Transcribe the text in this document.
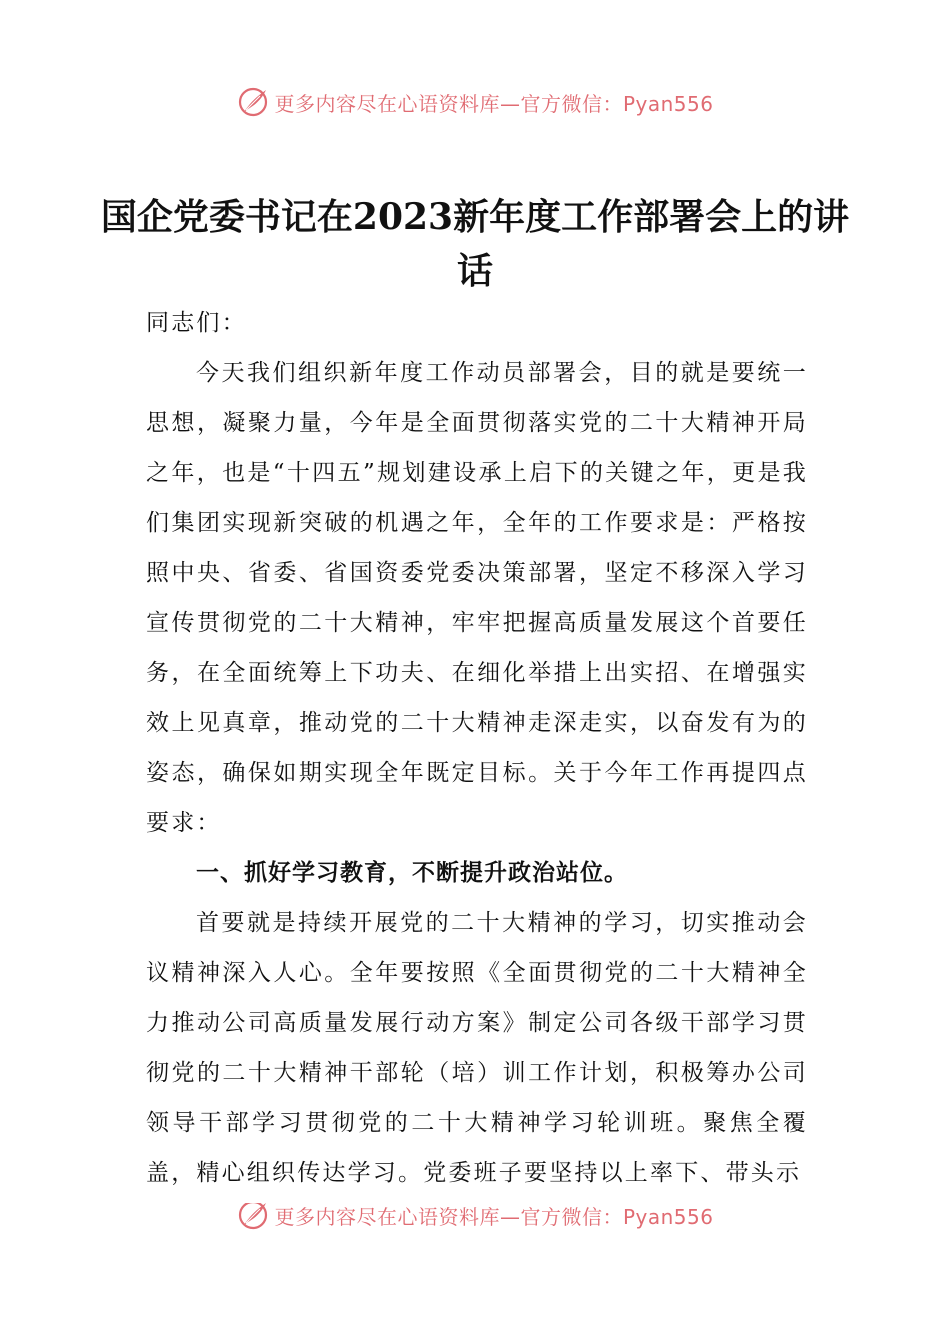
更多内容尽在心语资料库—官方微信：Pyan556
国企党委书记在2023新年度工作部署会上的讲话

同志们：

今天我们组织新年度工作动员部署会，目的就是要统一思想，凝聚力量，今年是全面贯彻落实党的二十大精神开局之年，也是“十四五”规划建设承上启下的关键之年，更是我们集团实现新突破的机遇之年，全年的工作要求是：严格按照中央、省委、省国资委党委决策部署，坚定不移深入学习宣传贯彻党的二十大精神，牢牢把握高质量发展这个首要任务，在全面统筹上下功夫、在细化举措上出实招、在增强实效上见真章，推动党的二十大精神走深走实，以奋发有为的姿态，确保如期实现全年既定目标。关于今年工作再提四点要求：

一、抓好学习教育，不断提升政治站位。

首要就是持续开展党的二十大精神的学习，切实推动会议精神深入人心。全年要按照《全面贯彻党的二十大精神全力推动公司高质量发展行动方案》制定公司各级干部学习贯彻党的二十大精神干部轮（培）训工作计划，积极筹办公司领导干部学习贯彻党的二十大精神学习轮训班。聚焦全覆盖，精心组织传达学习。党委班子要坚持以上率下、带头示

更多内容尽在心语资料库—官方微信：Pyan556
